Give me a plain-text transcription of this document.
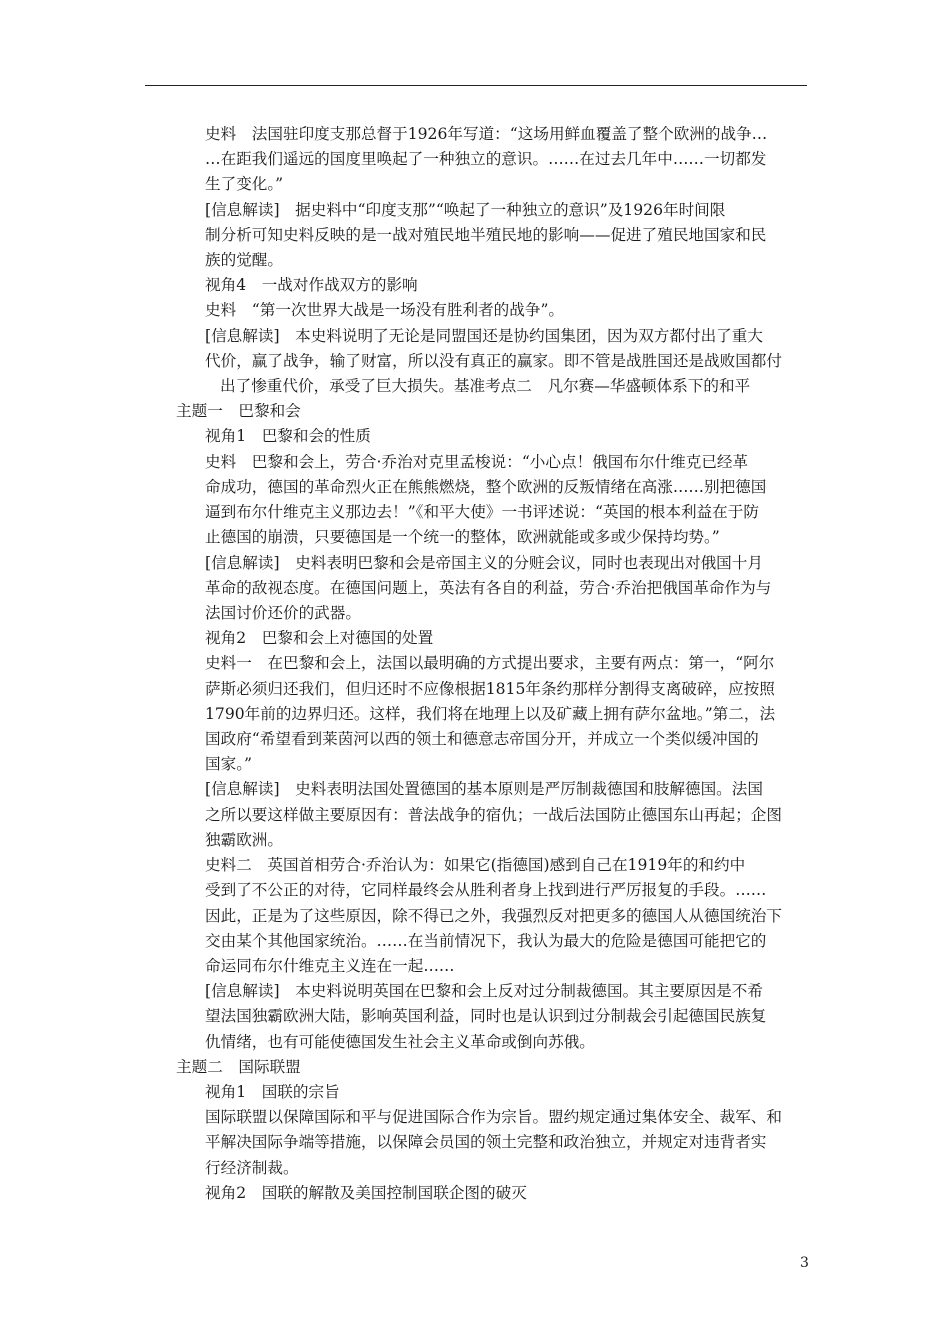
史料　法国驻印度支那总督于1926年写道：“这场用鲜血覆盖了整个欧洲的战争…
…在距我们遥远的国度里唤起了一种独立的意识。……在过去几年中……一切都发
生了变化。”
[信息解读]　据史料中“印度支那”“唤起了一种独立的意识”及1926年时间限
制分析可知史料反映的是一战对殖民地半殖民地的影响——促进了殖民地国家和民
族的觉醒。
视角4　一战对作战双方的影响
史料　“第一次世界大战是一场没有胜利者的战争”。
[信息解读]　本史料说明了无论是同盟国还是协约国集团，因为双方都付出了重大
代价，赢了战争，输了财富，所以没有真正的赢家。即不管是战胜国还是战败国都付
出了惨重代价，承受了巨大损失。基准考点二　凡尔赛—华盛顿体系下的和平
主题一　巴黎和会
视角1　巴黎和会的性质
史料　巴黎和会上，劳合·乔治对克里孟梭说：“小心点！俄国布尔什维克已经革
命成功，德国的革命烈火正在熊熊燃烧，整个欧洲的反叛情绪在高涨……别把德国
逼到布尔什维克主义那边去！”《和平大使》一书评述说：“英国的根本利益在于防
止德国的崩溃，只要德国是一个统一的整体，欧洲就能或多或少保持均势。”
[信息解读]　史料表明巴黎和会是帝国主义的分赃会议，同时也表现出对俄国十月
革命的敌视态度。在德国问题上，英法有各自的利益，劳合·乔治把俄国革命作为与
法国讨价还价的武器。
视角2　巴黎和会上对德国的处置
史料一　在巴黎和会上，法国以最明确的方式提出要求，主要有两点：第一，“阿尔
萨斯必须归还我们，但归还时不应像根据1815年条约那样分割得支离破碎，应按照
1790年前的边界归还。这样，我们将在地理上以及矿藏上拥有萨尔盆地。”第二，法
国政府“希望看到莱茵河以西的领土和德意志帝国分开，并成立一个类似缓冲国的
国家。”
[信息解读]　史料表明法国处置德国的基本原则是严厉制裁德国和肢解德国。法国
之所以要这样做主要原因有：普法战争的宿仇；一战后法国防止德国东山再起；企图
独霸欧洲。
史料二　英国首相劳合·乔治认为：如果它(指德国)感到自己在1919年的和约中
受到了不公正的对待，它同样最终会从胜利者身上找到进行严厉报复的手段。……
因此，正是为了这些原因，除不得已之外，我强烈反对把更多的德国人从德国统治下
交由某个其他国家统治。……在当前情况下，我认为最大的危险是德国可能把它的
命运同布尔什维克主义连在一起……
[信息解读]　本史料说明英国在巴黎和会上反对过分制裁德国。其主要原因是不希
望法国独霸欧洲大陆，影响英国利益，同时也是认识到过分制裁会引起德国民族复
仇情绪，也有可能使德国发生社会主义革命或倒向苏俄。
主题二　国际联盟
视角1　国联的宗旨
国际联盟以保障国际和平与促进国际合作为宗旨。盟约规定通过集体安全、裁军、和
平解决国际争端等措施，以保障会员国的领土完整和政治独立，并规定对违背者实
行经济制裁。
视角2　国联的解散及美国控制国联企图的破灭
3
